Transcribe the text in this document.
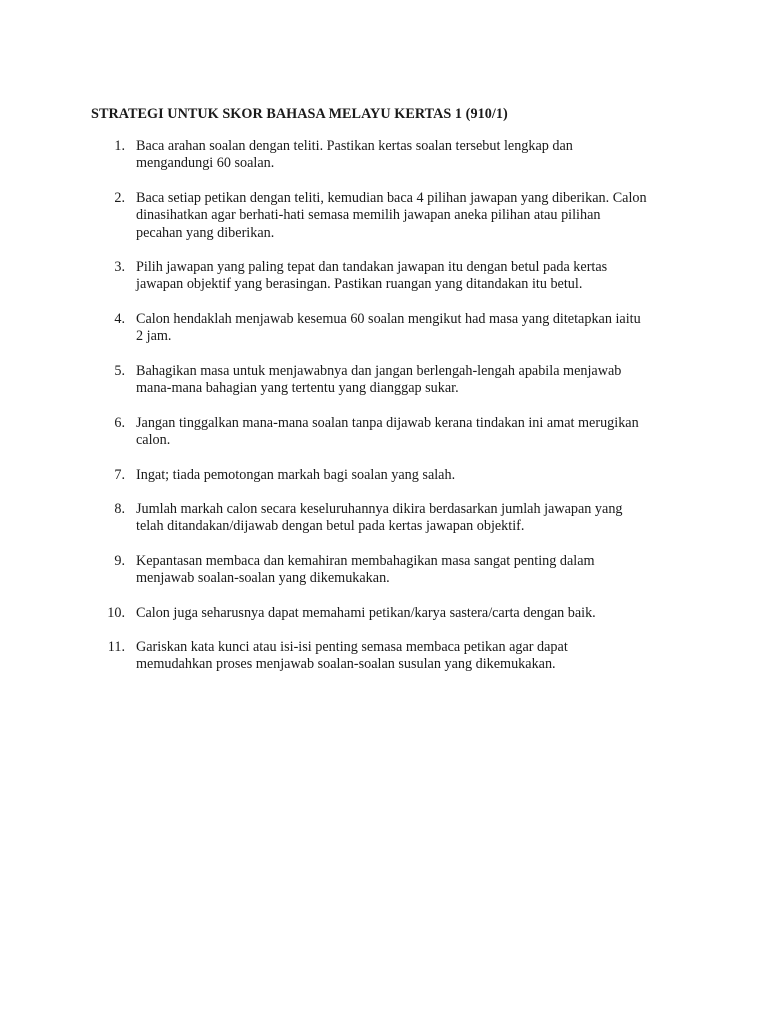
STRATEGI UNTUK SKOR BAHASA MELAYU KERTAS 1 (910/1)
1. Baca arahan soalan dengan teliti. Pastikan kertas soalan tersebut lengkap dan
mengandungi 60 soalan.
2. Baca setiap petikan dengan teliti, kemudian baca 4 pilihan jawapan yang diberikan. Calon
dinasihatkan agar berhati-hati semasa memilih jawapan aneka pilihan atau pilihan
pecahan yang diberikan.
3. Pilih jawapan yang paling tepat dan tandakan jawapan itu dengan betul pada kertas
jawapan objektif yang berasingan. Pastikan ruangan yang ditandakan itu betul.
4. Calon hendaklah menjawab kesemua 60 soalan mengikut had masa yang ditetapkan iaitu
2 jam.
5. Bahagikan masa untuk menjawabnya dan jangan berlengah-lengah apabila menjawab
mana-mana bahagian yang tertentu yang dianggap sukar.
6. Jangan tinggalkan mana-mana soalan tanpa dijawab kerana tindakan ini amat merugikan
calon.
7. Ingat; tiada pemotongan markah bagi soalan yang salah.
8. Jumlah markah calon secara keseluruhannya dikira berdasarkan jumlah jawapan yang
telah ditandakan/dijawab dengan betul pada kertas jawapan objektif.
9. Kepantasan membaca dan kemahiran membahagikan masa sangat penting dalam
menjawab soalan-soalan yang dikemukakan.
10. Calon juga seharusnya dapat memahami petikan/karya sastera/carta dengan baik.
11. Gariskan kata kunci atau isi-isi penting semasa membaca petikan agar dapat
memudahkan proses menjawab soalan-soalan susulan yang dikemukakan.
